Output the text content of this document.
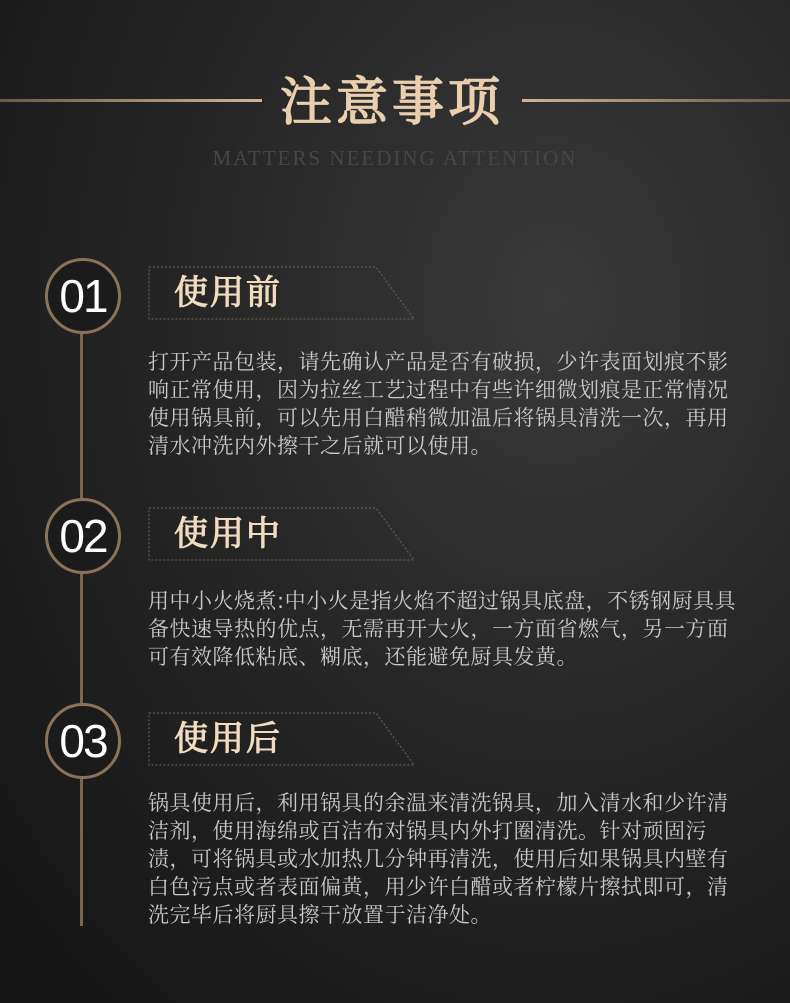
注意事项
MATTERS NEEDING ATTENTION
01	使用前
打开产品包装，请先确认产品是否有破损，少许表面划痕不影响正常使用，因为拉丝工艺过程中有些许细微划痕是正常情况使用锅具前，可以先用白醋稍微加温后将锅具清洗一次，再用清水冲洗内外擦干之后就可以使用。
02	使用中
用中小火烧煮:中小火是指火焰不超过锅具底盘，不锈钢厨具具备快速导热的优点，无需再开大火，一方面省燃气，另一方面可有效降低粘底、糊底，还能避免厨具发黄。
03	使用后
锅具使用后，利用锅具的余温来清洗锅具，加入清水和少许清洁剂，使用海绵或百洁布对锅具内外打圈清洗。针对顽固污渍，可将锅具或水加热几分钟再清洗，使用后如果锅具内壁有白色污点或者表面偏黄，用少许白醋或者柠檬片擦拭即可，清洗完毕后将厨具擦干放置于洁净处。
